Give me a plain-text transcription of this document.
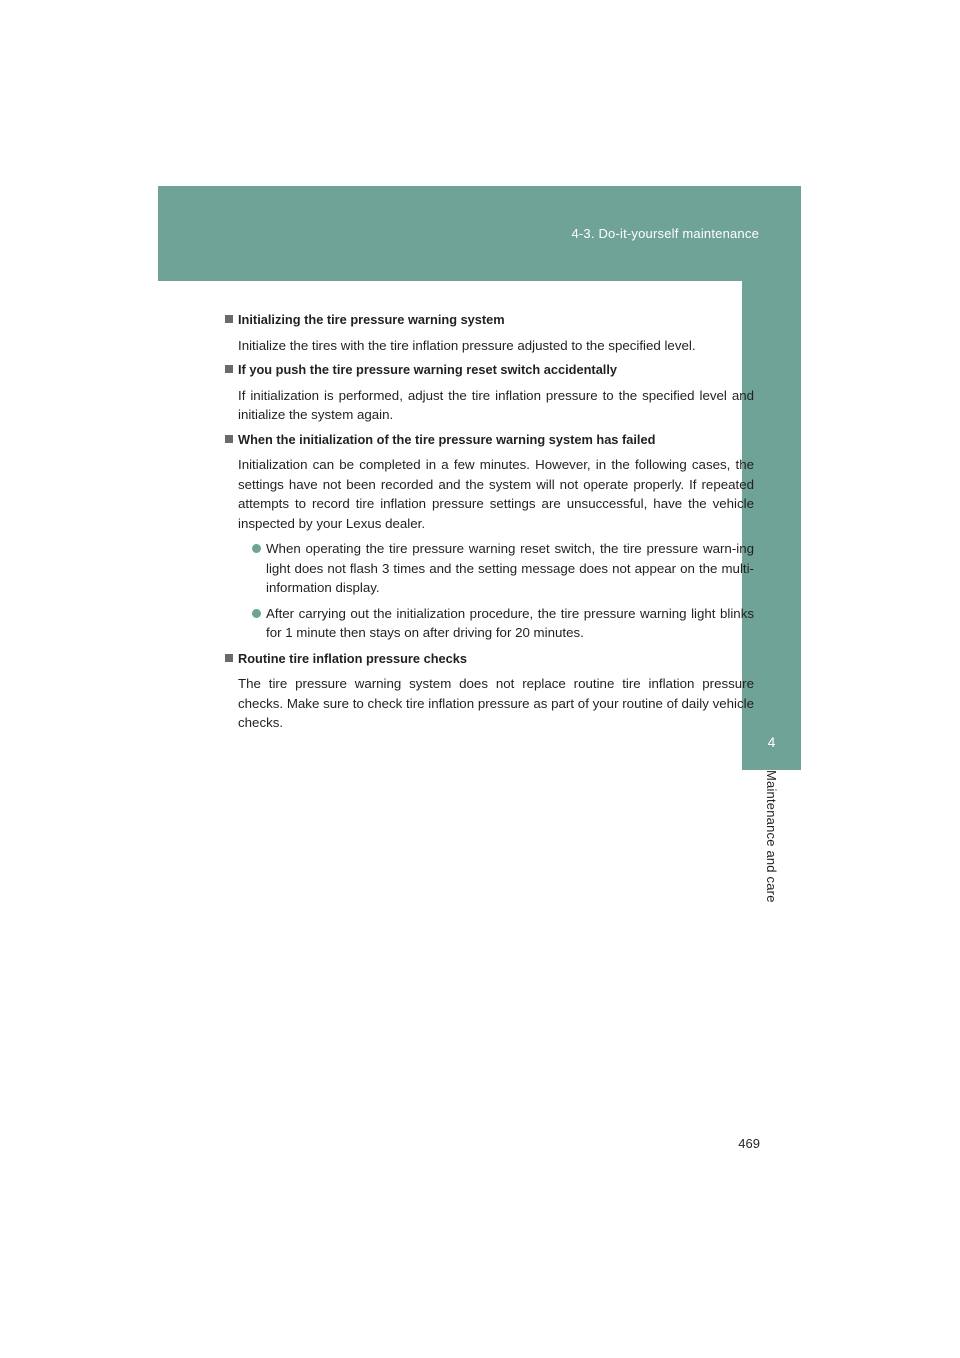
4-3. Do-it-yourself maintenance
4
Maintenance and care
Initializing the tire pressure warning system
Initialize the tires with the tire inflation pressure adjusted to the specified level.
If you push the tire pressure warning reset switch accidentally
If initialization is performed, adjust the tire inflation pressure to the specified level and initialize the system again.
When the initialization of the tire pressure warning system has failed
Initialization can be completed in a few minutes. However, in the following cases, the settings have not been recorded and the system will not operate properly. If repeated attempts to record tire inflation pressure settings are unsuccessful, have the vehicle inspected by your Lexus dealer.
When operating the tire pressure warning reset switch, the tire pressure warn-ing light does not flash 3 times and the setting message does not appear on the multi-information display.
After carrying out the initialization procedure, the tire pressure warning light blinks for 1 minute then stays on after driving for 20 minutes.
Routine tire inflation pressure checks
The tire pressure warning system does not replace routine tire inflation pressure checks. Make sure to check tire inflation pressure as part of your routine of daily vehicle checks.
469
